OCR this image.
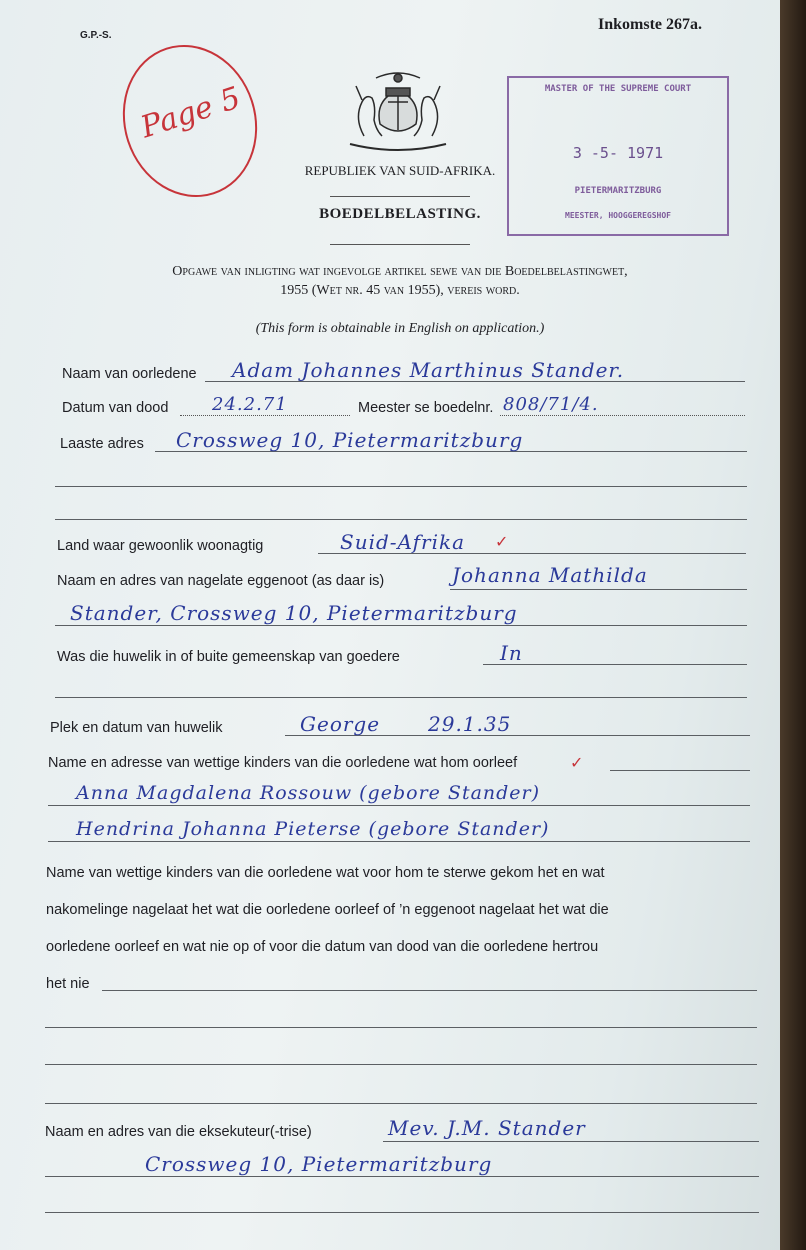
G.P.-S.
Inkomste 267a.
Page 5
REPUBLIEK VAN SUID-AFRIKA.
BOEDELBELASTING.
Opgawe van inligting wat ingevolge artikel sewe van die Boedelbelastingwet,
1955 (Wet nr. 45 van 1955), vereis word.
(This form is obtainable in English on application.)
MASTER OF THE SUPREME COURT
3 -5- 1971
PIETERMARITZBURG
MEESTER, HOOGGEREGSHOF
Naam van oorledene Adam Johannes Marthinus Stander.
Datum van dood 24.2.71	Meester se boedelnr. 808/71/4.
Laaste adres Crossweg 10, Pietermaritzburg
Land waar gewoonlik woonagtig	Suid-Afrika ✓
Naam en adres van nagelate eggenoot (as daar is)	Johanna Mathilda
Stander, Crossweg 10, Pietermaritzburg
Was die huwelik in of buite gemeenskap van goedere	In
Plek en datum van huwelik	George 29.1.35
Name en adresse van wettige kinders van die oorledene wat hom oorleef
Anna Magdalena Rossouw (gebore Stander)
Hendrina Johanna Pieterse (gebore Stander)
✓
Name van wettige kinders van die oorledene wat voor hom te sterwe gekom het en wat
nakomelinge nagelaat het wat die oorledene oorleef of ’n eggenoot nagelaat het wat die
oorledene oorleef en wat nie op of voor die datum van dood van die oorledene hertrou
het nie
Naam en adres van die eksekuteur(-trise)	Mev. J.M. Stander
Crossweg 10, Pietermaritzburg
